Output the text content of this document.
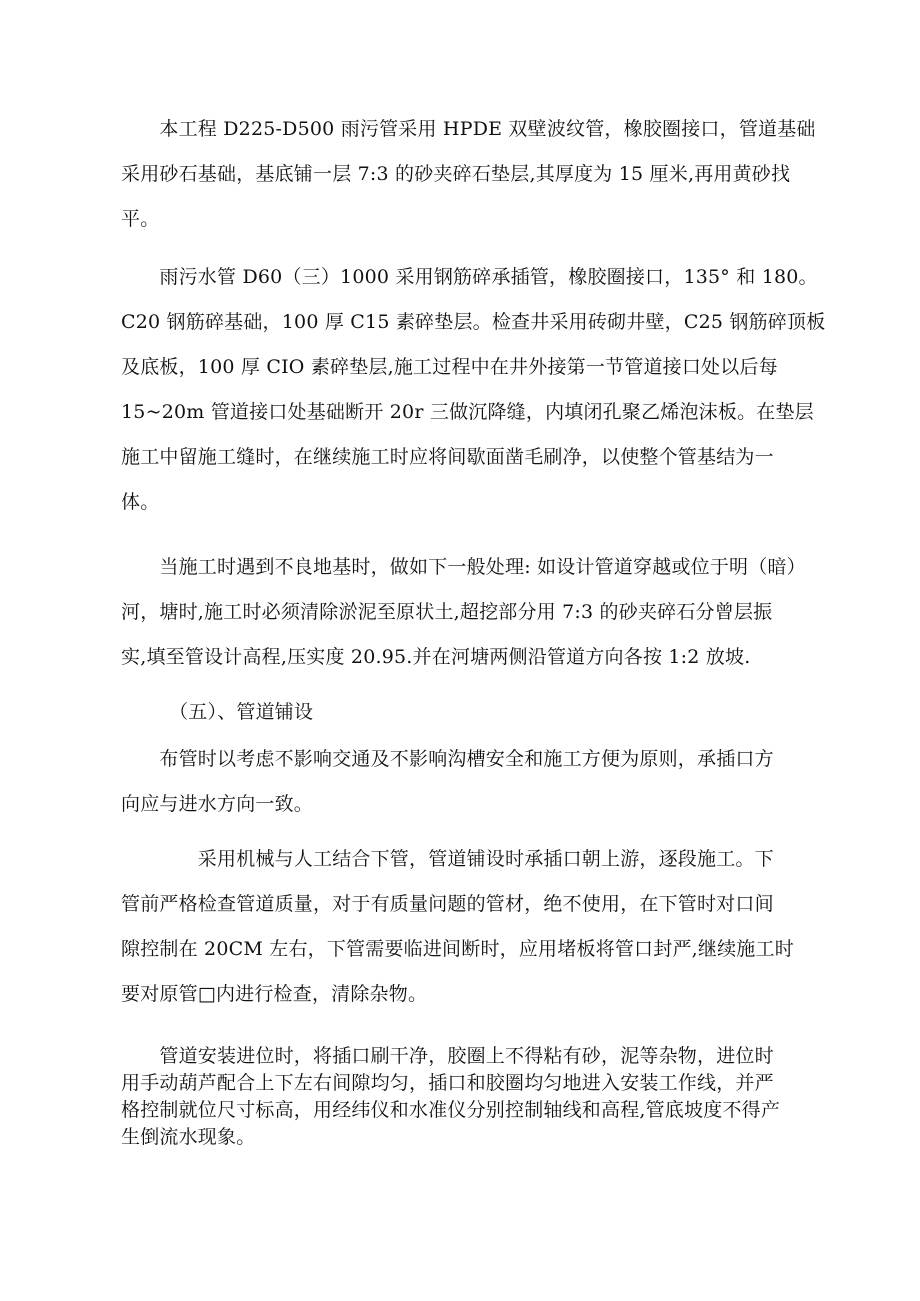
　　本工程 D225-D500 雨污管采用 HPDE 双壁波纹管，橡胶圈接口，管道基础
采用砂石基础，基底铺一层 7:3 的砂夹碎石垫层,其厚度为 15 厘米,再用黄砂找
平。
　　雨污水管 D60（三）1000 采用钢筋碎承插管，橡胶圈接口，135° 和 180。
C20 钢筋碎基础，100 厚 C15 素碎垫层。检查井采用砖砌井壁，C25 钢筋碎顶板
及底板，100 厚 CIO 素碎垫层,施工过程中在井外接第一节管道接口处以后每
15~20m 管道接口处基础断开 20r 三做沉降缝，内填闭孔聚乙烯泡沫板。在垫层
施工中留施工缝时，在继续施工时应将间歇面凿毛刷净，以使整个管基结为一
体。
　　当施工时遇到不良地基时，做如下一般处理: 如设计管道穿越或位于明（暗）
河，塘时,施工时必须清除淤泥至原状土,超挖部分用 7:3 的砂夹碎石分曾层振
实,填至管设计高程,压实度 20.95.并在河塘两侧沿管道方向各按 1:2 放坡.
　　　（五）、管道铺设
　　布管时以考虑不影响交通及不影响沟槽安全和施工方便为原则，承插口方
向应与进水方向一致。
　　　　采用机械与人工结合下管，管道铺设时承插口朝上游，逐段施工。下
管前严格检查管道质量，对于有质量问题的管材，绝不使用，在下管时对口间
隙控制在 20CM 左右，下管需要临进间断时，应用堵板将管口封严,继续施工时
要对原管□内进行检查，清除杂物。
　　管道安装进位时，将插口刷干净，胶圈上不得粘有砂，泥等杂物，进位时
用手动葫芦配合上下左右间隙均匀，插口和胶圈均匀地进入安装工作线，并严
格控制就位尺寸标高，用经纬仪和水准仪分别控制轴线和高程,管底坡度不得产
生倒流水现象。
